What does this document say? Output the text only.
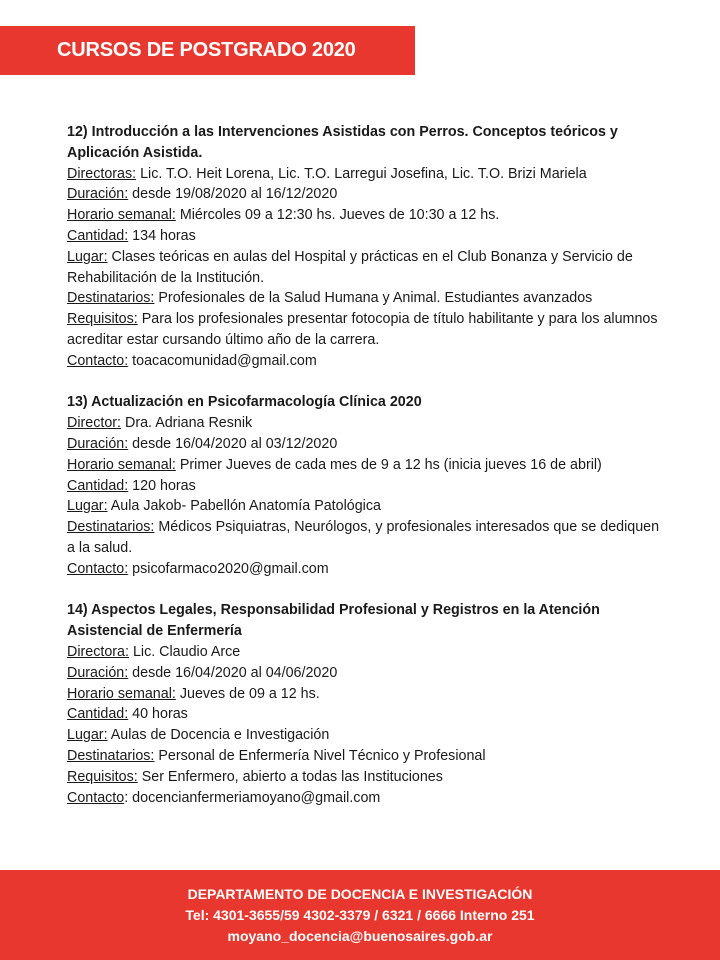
CURSOS DE POSTGRADO 2020
12) Introducción a las Intervenciones Asistidas con Perros. Conceptos teóricos y Aplicación Asistida.
Directoras: Lic. T.O. Heit Lorena, Lic. T.O. Larregui Josefina, Lic. T.O. Brizi Mariela
Duración: desde 19/08/2020 al 16/12/2020
Horario semanal: Miércoles 09 a 12:30 hs. Jueves de 10:30 a 12 hs.
Cantidad: 134 horas
Lugar: Clases teóricas en aulas del Hospital y prácticas en el Club Bonanza y Servicio de Rehabilitación de la Institución.
Destinatarios: Profesionales de la Salud Humana y Animal. Estudiantes avanzados
Requisitos: Para los profesionales presentar fotocopia de título habilitante y para los alumnos acreditar estar cursando último año de la carrera.
Contacto: toacacomunidad@gmail.com
13) Actualización en Psicofarmacología Clínica 2020
Director: Dra. Adriana Resnik
Duración: desde 16/04/2020 al 03/12/2020
Horario semanal: Primer Jueves de cada mes de 9 a 12 hs (inicia jueves 16 de abril)
Cantidad: 120 horas
Lugar: Aula Jakob- Pabellón Anatomía Patológica
Destinatarios: Médicos Psiquiatras, Neurólogos, y profesionales interesados que se dediquen a la salud.
Contacto: psicofarmaco2020@gmail.com
14) Aspectos Legales, Responsabilidad Profesional y Registros en la Atención Asistencial de Enfermería
Directora: Lic. Claudio Arce
Duración: desde 16/04/2020 al 04/06/2020
Horario semanal: Jueves de 09 a 12 hs.
Cantidad: 40 horas
Lugar: Aulas de Docencia e Investigación
Destinatarios: Personal de Enfermería Nivel Técnico y Profesional
Requisitos: Ser Enfermero, abierto a todas las Instituciones
Contacto: docencianfermeriamoyano@gmail.com
DEPARTAMENTO DE DOCENCIA E INVESTIGACIÓN
Tel: 4301-3655/59 4302-3379 / 6321 / 6666 Interno 251
moyano_docencia@buenosaires.gob.ar
